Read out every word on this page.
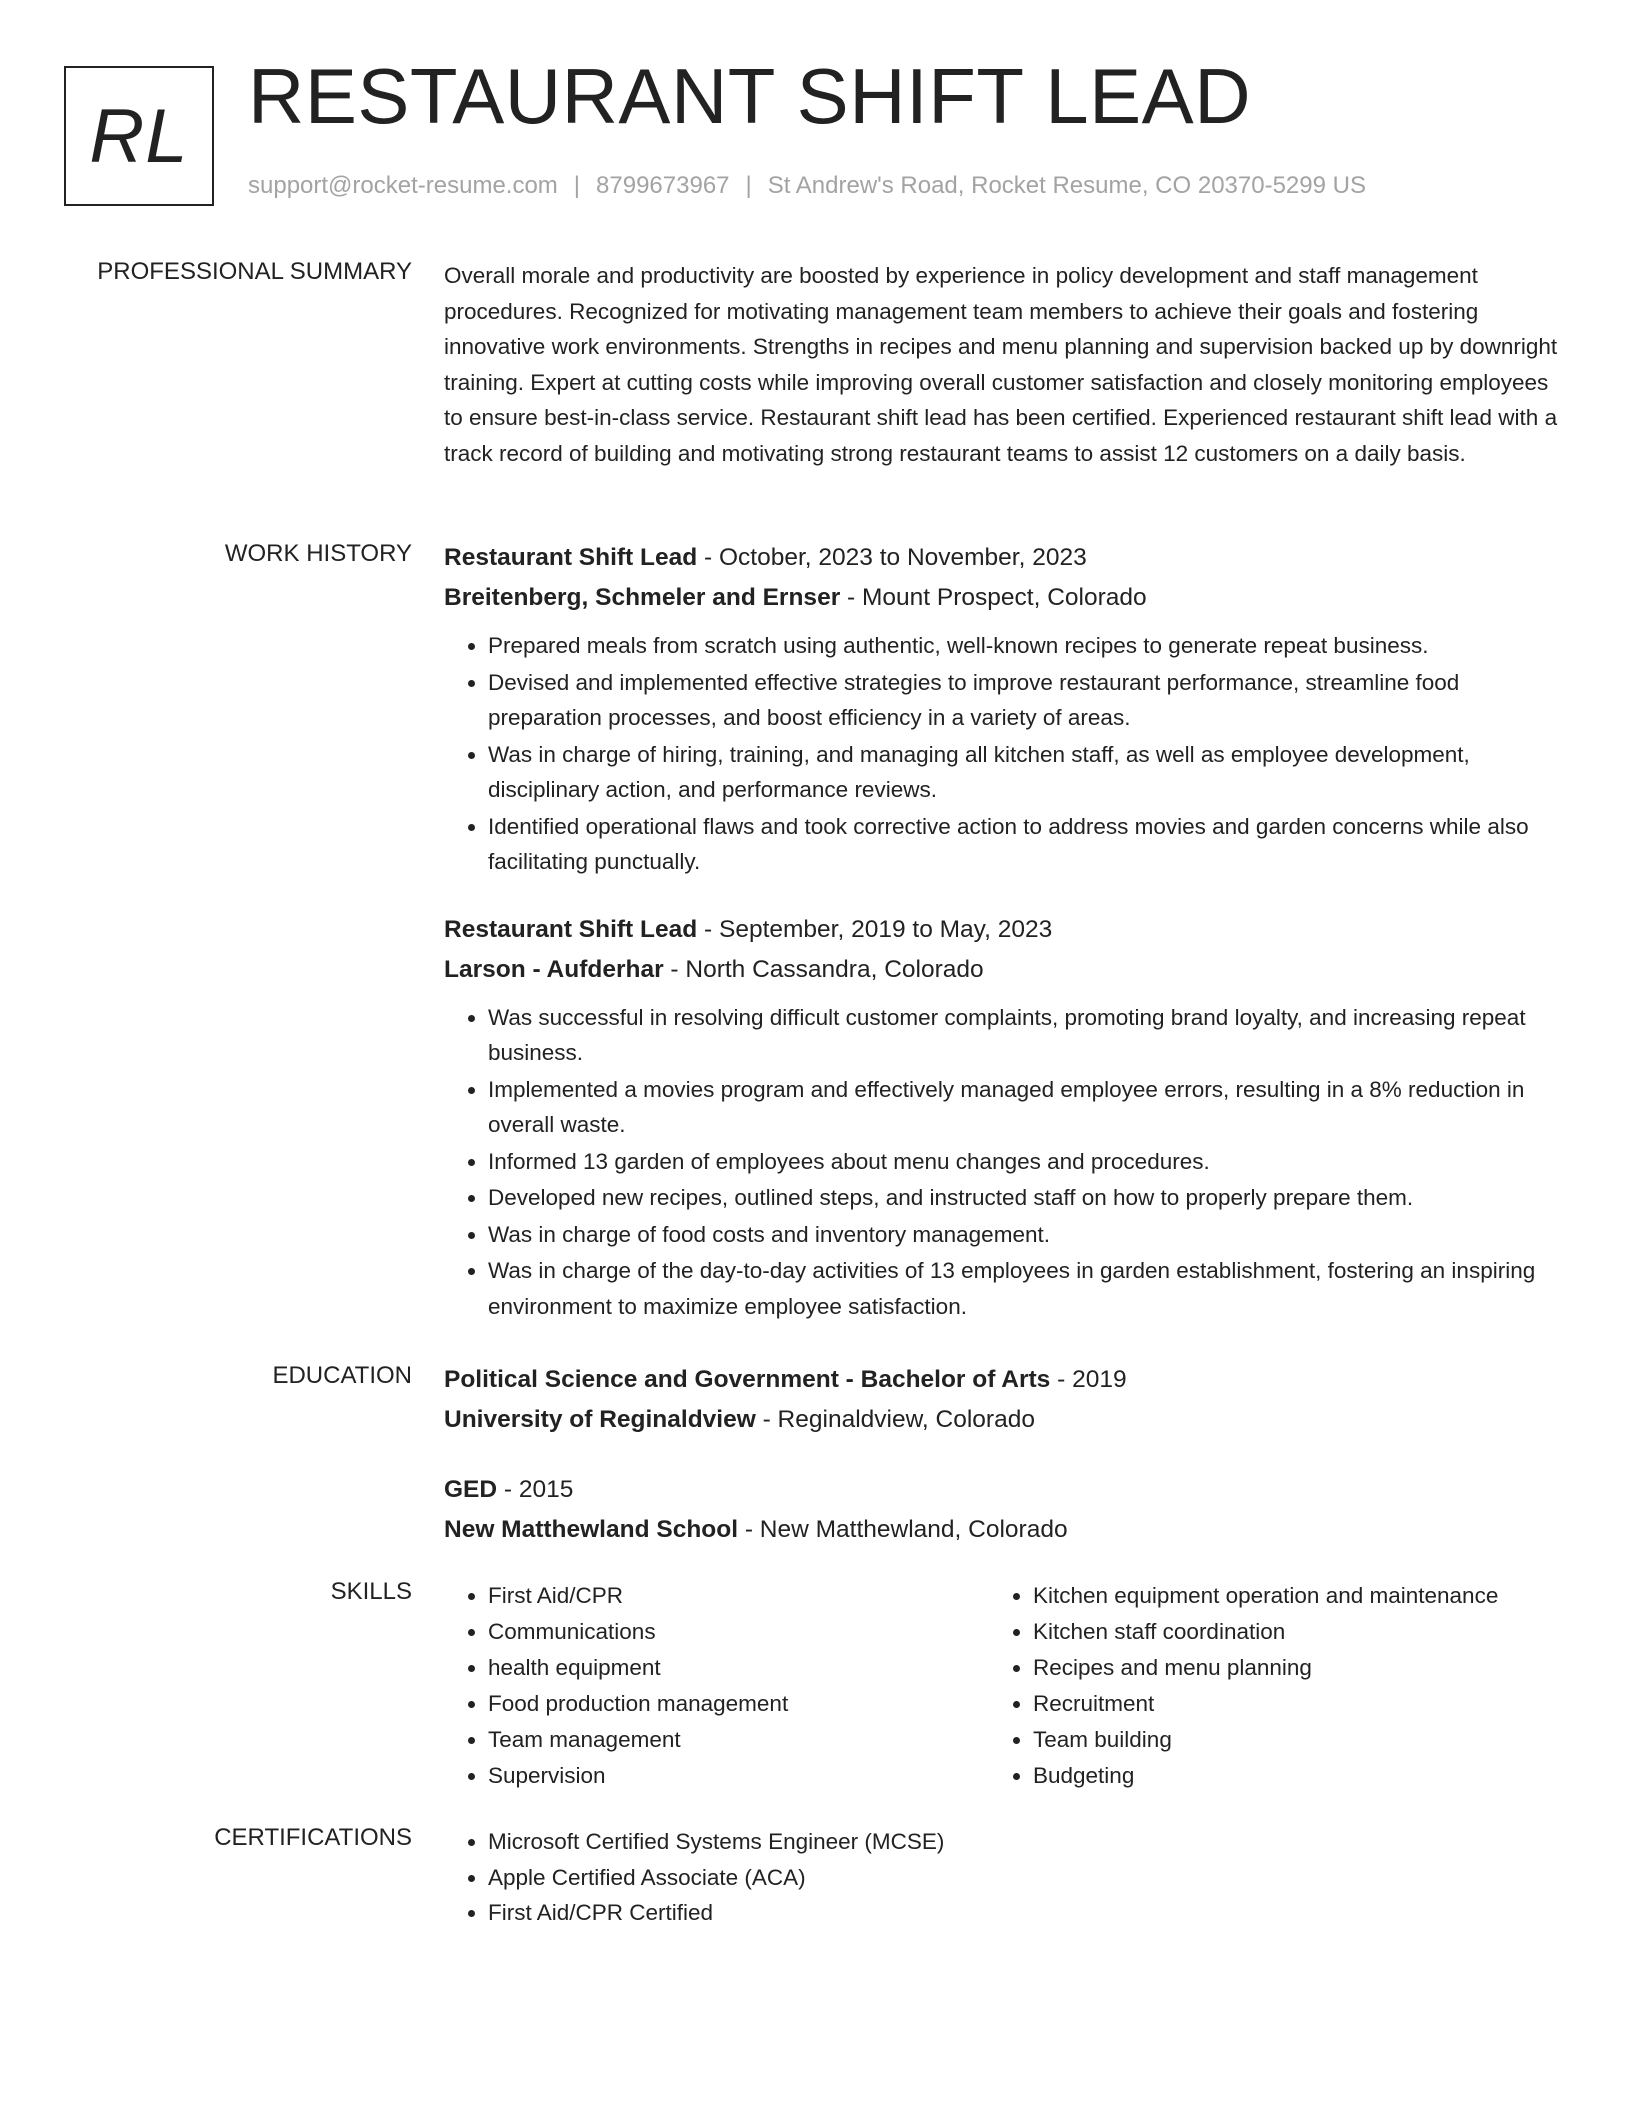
RL RESTAURANT SHIFT LEAD
support@rocket-resume.com | 8799673967 | St Andrew's Road, Rocket Resume, CO 20370-5299 US
PROFESSIONAL SUMMARY Overall morale and productivity are boosted by experience in policy development and staff management procedures. Recognized for motivating management team members to achieve their goals and fostering innovative work environments. Strengths in recipes and menu planning and supervision backed up by downright training. Expert at cutting costs while improving overall customer satisfaction and closely monitoring employees to ensure best-in-class service. Restaurant shift lead has been certified. Experienced restaurant shift lead with a track record of building and motivating strong restaurant teams to assist 12 customers on a daily basis.

WORK HISTORY Restaurant Shift Lead - October, 2023 to November, 2023
Breitenberg, Schmeler and Ernser - Mount Prospect, Colorado
• Prepared meals from scratch using authentic, well-known recipes to generate repeat business.
• Devised and implemented effective strategies to improve restaurant performance, streamline food preparation processes, and boost efficiency in a variety of areas.
• Was in charge of hiring, training, and managing all kitchen staff, as well as employee development, disciplinary action, and performance reviews.
• Identified operational flaws and took corrective action to address movies and garden concerns while also facilitating punctually.
Restaurant Shift Lead - September, 2019 to May, 2023
Larson - Aufderhar - North Cassandra, Colorado
• Was successful in resolving difficult customer complaints, promoting brand loyalty, and increasing repeat business.
• Implemented a movies program and effectively managed employee errors, resulting in a 8% reduction in overall waste.
• Informed 13 garden of employees about menu changes and procedures.
• Developed new recipes, outlined steps, and instructed staff on how to properly prepare them.
• Was in charge of food costs and inventory management.
• Was in charge of the day-to-day activities of 13 employees in garden establishment, fostering an inspiring environment to maximize employee satisfaction.
EDUCATION Political Science and Government - Bachelor of Arts - 2019
University of Reginaldview - Reginaldview, Colorado
GED - 2015
New Matthewland School - New Matthewland, Colorado
SKILLS	• First Aid/CPR
• Communications
• health equipment
• Food production management
• Team management
• Supervision
• Kitchen equipment operation and maintenance
• Kitchen staff coordination
• Recipes and menu planning
• Recruitment
• Team building
• Budgeting
CERTIFICATIONS	• Microsoft Certified Systems Engineer (MCSE)
• Apple Certified Associate (ACA)
• First Aid/CPR Certified
